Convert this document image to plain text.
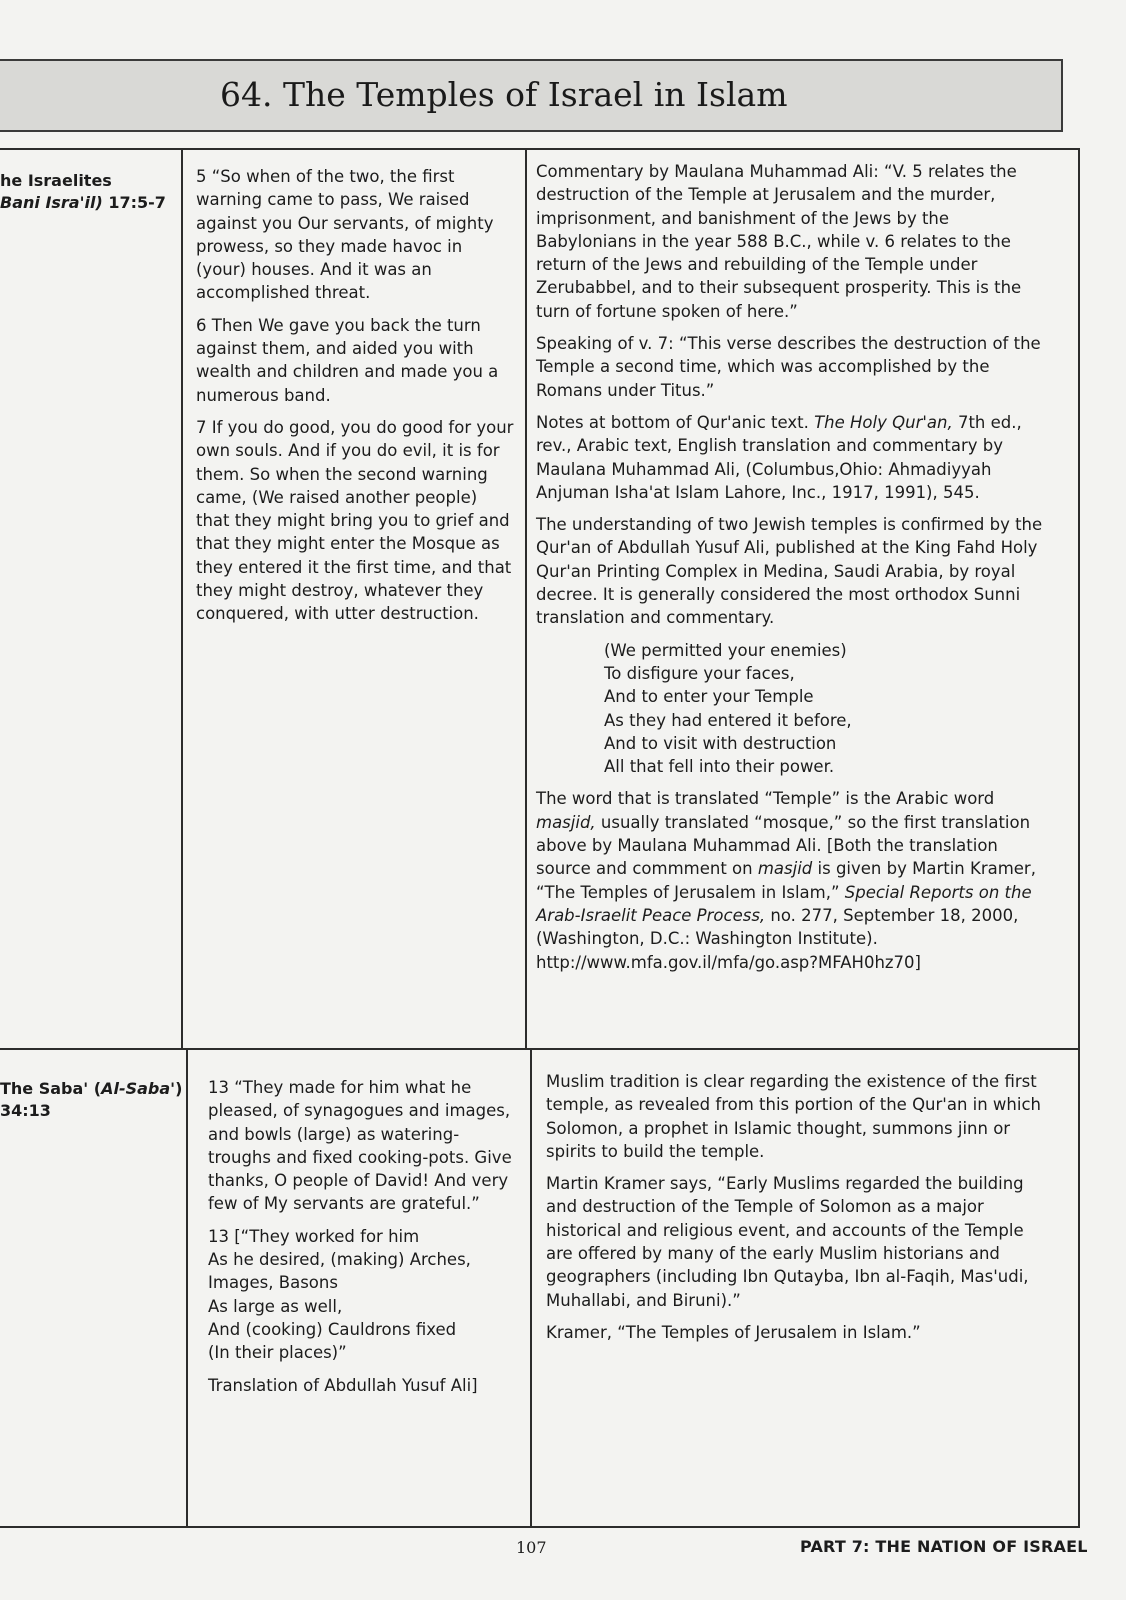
64. The Temples of Israel in Islam
he Israelites
Bani Isra'il) 17:5-7

5 “So when of the two, the first warning came to pass, We raised against you Our servants, of mighty prowess, so they made havoc in (your) houses. And it was an accomplished threat.

6 Then We gave you back the turn against them, and aided you with wealth and children and made you a numerous band.

7 If you do good, you do good for your own souls. And if you do evil, it is for them. So when the second warning came, (We raised another people) that they might bring you to grief and that they might enter the Mosque as they entered it the first time, and that they might destroy, whatever they conquered, with utter destruction.

Commentary by Maulana Muhammad Ali: “V. 5 relates the destruction of the Temple at Jerusalem and the murder, imprisonment, and banishment of the Jews by the Babylonians in the year 588 B.C., while v. 6 relates to the return of the Jews and rebuilding of the Temple under Zerubabbel, and to their subsequent prosperity. This is the turn of fortune spoken of here.”

Speaking of v. 7: “This verse describes the destruction of the Temple a second time, which was accomplished by the Romans under Titus.”

Notes at bottom of Qur'anic text. The Holy Qur'an, 7th ed., rev., Arabic text, English translation and commentary by Maulana Muhammad Ali, (Columbus,Ohio: Ahmadiyyah Anjuman Isha'at Islam Lahore, Inc., 1917, 1991), 545.

The understanding of two Jewish temples is confirmed by the Qur'an of Abdullah Yusuf Ali, published at the King Fahd Holy Qur'an Printing Complex in Medina, Saudi Arabia, by royal decree. It is generally considered the most orthodox Sunni translation and commentary.

(We permitted your enemies)
To disfigure your faces,
And to enter your Temple
As they had entered it before,
And to visit with destruction
All that fell into their power.

The word that is translated “Temple” is the Arabic word masjid, usually translated “mosque,” so the first translation above by Maulana Muhammad Ali. [Both the translation source and commment on masjid is given by Martin Kramer, “The Temples of Jerusalem in Islam,” Special Reports on the Arab-Israelit Peace Process, no. 277, September 18, 2000, (Washington, D.C.: Washington Institute). http://www.mfa.gov.il/mfa/go.asp?MFAH0hz70]

The Saba' (Al-Saba')
34:13

13 “They made for him what he pleased, of synagogues and images, and bowls (large) as watering-troughs and fixed cooking-pots. Give thanks, O people of David! And very few of My servants are grateful.”

13 [“They worked for him
As he desired, (making) Arches,
Images, Basons
As large as well,
And (cooking) Cauldrons fixed
(In their places)”

Translation of Abdullah Yusuf Ali]

Muslim tradition is clear regarding the existence of the first temple, as revealed from this portion of the Qur'an in which Solomon, a prophet in Islamic thought, summons jinn or spirits to build the temple.

Martin Kramer says, “Early Muslims regarded the building and destruction of the Temple of Solomon as a major historical and religious event, and accounts of the Temple are offered by many of the early Muslim historians and geographers (including Ibn Qutayba, Ibn al-Faqih, Mas'udi, Muhallabi, and Biruni).”

Kramer, “The Temples of Jerusalem in Islam.”

107	PART 7: THE NATION OF ISRAEL
